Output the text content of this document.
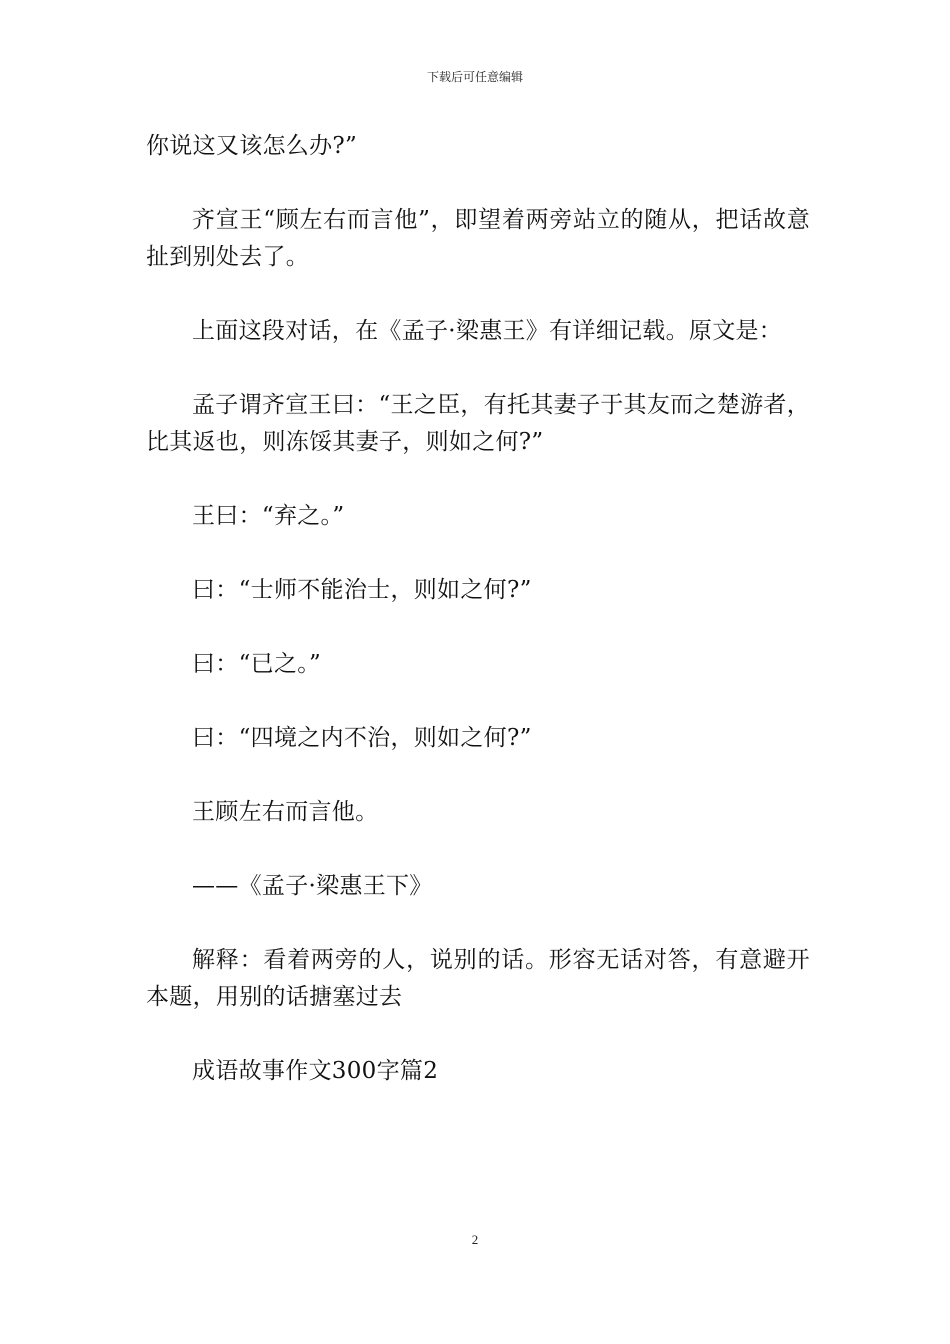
下载后可任意编辑

你说这又该怎么办?”

齐宣王“顾左右而言他”，即望着两旁站立的随从，把话故意扯到别处去了。

上面这段对话，在《孟子·梁惠王》有详细记载。原文是：

孟子谓齐宣王曰：“王之臣，有托其妻子于其友而之楚游者，比其返也，则冻馁其妻子，则如之何?”

王曰：“弃之。”

曰：“士师不能治士，则如之何?”

曰：“已之。”

曰：“四境之内不治，则如之何?”

王顾左右而言他。

——《孟子·梁惠王下》

解释：看着两旁的人，说别的话。形容无话对答，有意避开本题，用别的话搪塞过去

成语故事作文300字篇2

2
